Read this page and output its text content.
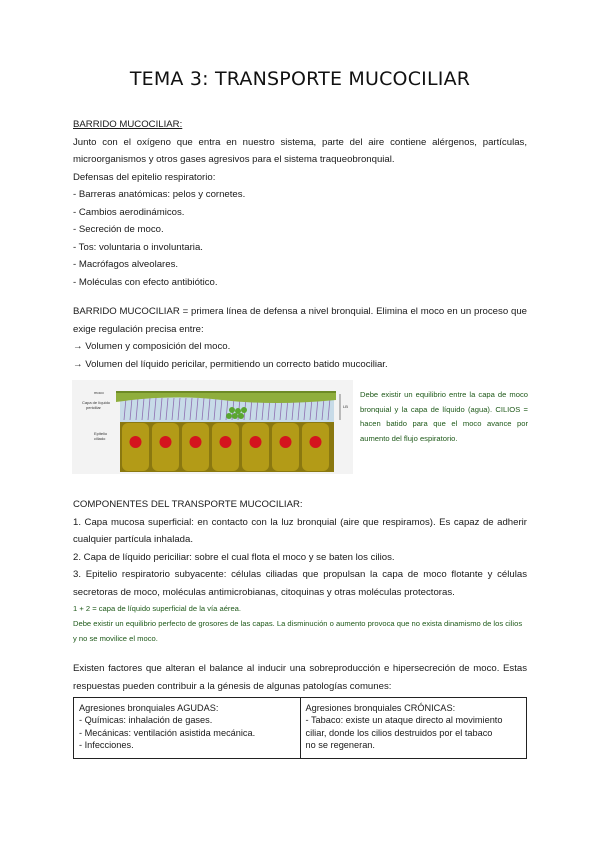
TEMA 3: TRANSPORTE MUCOCILIAR

BARRIDO MUCOCILIAR:

Junto con el oxígeno que entra en nuestro sistema, parte del aire contiene alérgenos, partículas, microorganismos y otros gases agresivos para el sistema traqueobronquial.

Defensas del epitelio respiratorio:

- Barreras anatómicas: pelos y cornetes.

- Cambios aerodinámicos.

- Secreción de moco.

- Tos: voluntaria o involuntaria.

- Macrófagos alveolares.

- Moléculas con efecto antibiótico.

BARRIDO MUCOCILIAR = primera línea de defensa a nivel bronquial. Elimina el moco en un proceso que exige regulación precisa entre:

→ Volumen y composición del moco.

→ Volumen del líquido pericilar, permitiendo un correcto batido mucociliar.

moco
Capa de líquido
periciliar
Epitelio
ciliado
LB
Debe existir un equilibrio entre la capa de moco bronquial y la capa de líquido (agua). CILIOS = hacen batido para que el moco avance por aumento del flujo espiratorio.

COMPONENTES DEL TRANSPORTE MUCOCILIAR:

1. Capa mucosa superficial: en contacto con la luz bronquial (aire que respiramos). Es capaz de adherir cualquier partícula inhalada.

2. Capa de líquido periciliar: sobre el cual flota el moco y se baten los cilios.

3. Epitelio respiratorio subyacente: células ciliadas que propulsan la capa de moco flotante y células secretoras de moco, moléculas antimicrobianas, citoquinas y otras moléculas protectoras.

1 + 2 = capa de líquido superficial de la vía aérea.

Debe existir un equilibrio perfecto de grosores de las capas. La disminución o aumento provoca que no exista dinamismo de los cilios y no se movilice el moco.

Existen factores que alteran el balance al inducir una sobreproducción e hipersecreción de moco. Estas respuestas pueden contribuir a la génesis de algunas patologías comunes:

Agresiones bronquiales AGUDAS:
- Químicas: inhalación de gases.
- Mecánicas: ventilación asistida mecánica.
- Infecciones.

Agresiones bronquiales CRÓNICAS:
- Tabaco: existe un ataque directo al movimiento
ciliar, donde los cilios destruidos por el tabaco
no se regeneran.
